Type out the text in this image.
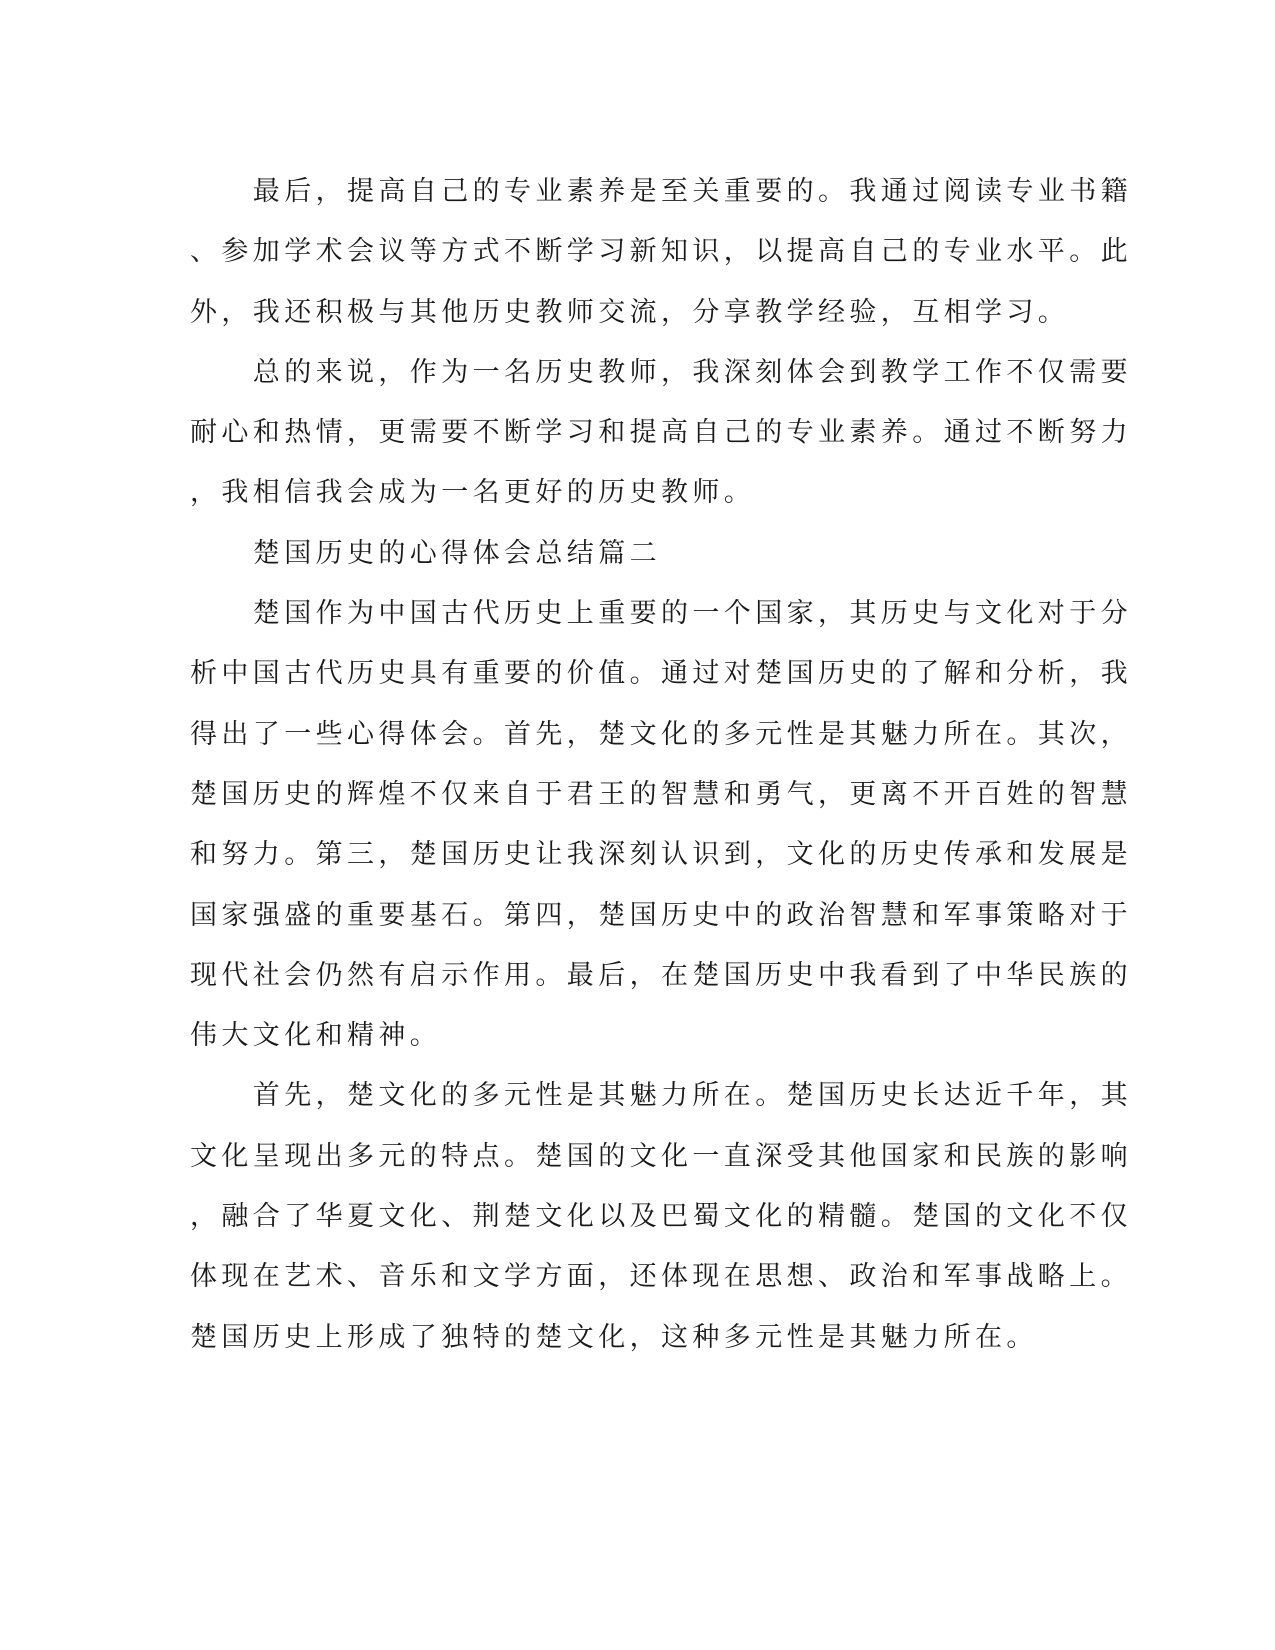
　　最后，提高自己的专业素养是至关重要的。我通过阅读专业书籍
、参加学术会议等方式不断学习新知识，以提高自己的专业水平。此
外，我还积极与其他历史教师交流，分享教学经验，互相学习。
　　总的来说，作为一名历史教师，我深刻体会到教学工作不仅需要
耐心和热情，更需要不断学习和提高自己的专业素养。通过不断努力
，我相信我会成为一名更好的历史教师。
　　楚国历史的心得体会总结篇二
　　楚国作为中国古代历史上重要的一个国家，其历史与文化对于分
析中国古代历史具有重要的价值。通过对楚国历史的了解和分析，我
得出了一些心得体会。首先，楚文化的多元性是其魅力所在。其次，
楚国历史的辉煌不仅来自于君王的智慧和勇气，更离不开百姓的智慧
和努力。第三，楚国历史让我深刻认识到，文化的历史传承和发展是
国家强盛的重要基石。第四，楚国历史中的政治智慧和军事策略对于
现代社会仍然有启示作用。最后，在楚国历史中我看到了中华民族的
伟大文化和精神。
　　首先，楚文化的多元性是其魅力所在。楚国历史长达近千年，其
文化呈现出多元的特点。楚国的文化一直深受其他国家和民族的影响
，融合了华夏文化、荆楚文化以及巴蜀文化的精髓。楚国的文化不仅
体现在艺术、音乐和文学方面，还体现在思想、政治和军事战略上。
楚国历史上形成了独特的楚文化，这种多元性是其魅力所在。
